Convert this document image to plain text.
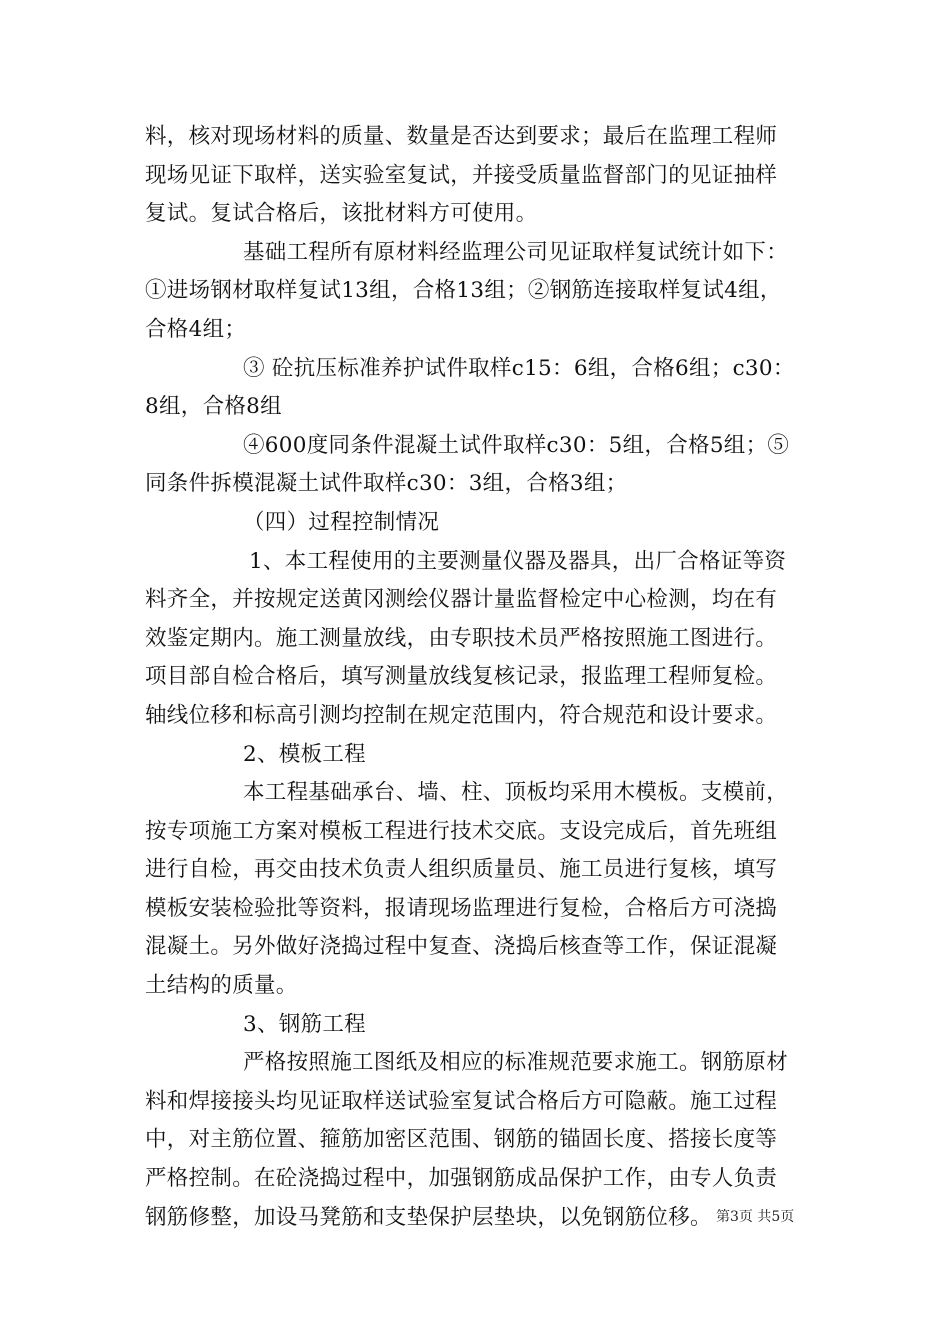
料，核对现场材料的质量、数量是否达到要求；最后在监理工程师
现场见证下取样，送实验室复试，并接受质量监督部门的见证抽样
复试。复试合格后，该批材料方可使用。
基础工程所有原材料经监理公司见证取样复试统计如下：
①进场钢材取样复试13组，合格13组；②钢筋连接取样复试4组，
合格4组；
③ 砼抗压标准养护试件取样c15：6组，合格6组；c30：
8组，合格8组
④600度同条件混凝土试件取样c30：5组，合格5组；⑤
同条件拆模混凝土试件取样c30：3组，合格3组；
（四）过程控制情况
1、本工程使用的主要测量仪器及器具，出厂合格证等资
料齐全，并按规定送黄冈测绘仪器计量监督检定中心检测，均在有
效鉴定期内。施工测量放线，由专职技术员严格按照施工图进行。
项目部自检合格后，填写测量放线复核记录，报监理工程师复检。
轴线位移和标高引测均控制在规定范围内，符合规范和设计要求。
2、模板工程
本工程基础承台、墙、柱、顶板均采用木模板。支模前，
按专项施工方案对模板工程进行技术交底。支设完成后，首先班组
进行自检，再交由技术负责人组织质量员、施工员进行复核，填写
模板安装检验批等资料，报请现场监理进行复检，合格后方可浇捣
混凝土。另外做好浇捣过程中复查、浇捣后核查等工作，保证混凝
土结构的质量。
3、钢筋工程
严格按照施工图纸及相应的标准规范要求施工。钢筋原材
料和焊接接头均见证取样送试验室复试合格后方可隐蔽。施工过程
中，对主筋位置、箍筋加密区范围、钢筋的锚固长度、搭接长度等
严格控制。在砼浇捣过程中，加强钢筋成品保护工作，由专人负责
钢筋修整，加设马凳筋和支垫保护层垫块，以免钢筋位移。 第3页 共5页
